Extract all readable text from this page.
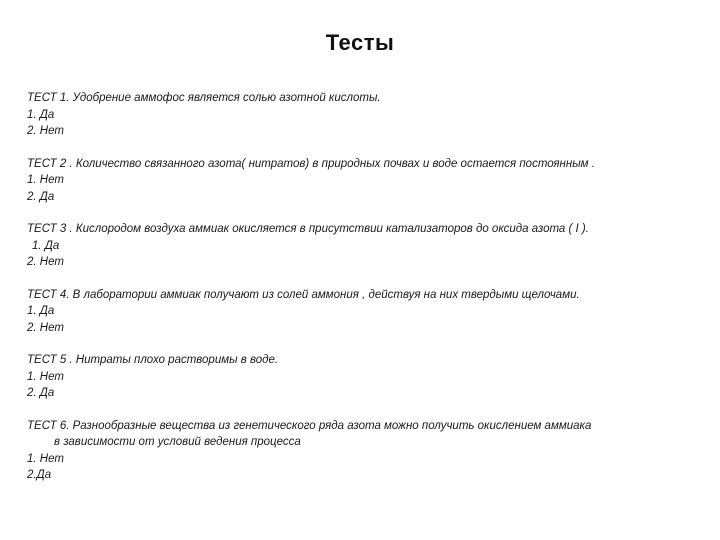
Тесты
ТЕСТ 1. Удобрение аммофос является солью азотной кислоты.
1. Да
2. Нет
ТЕСТ 2 . Количество связанного азота( нитратов) в природных почвах и воде остается постоянным .
1. Нет
2. Да
ТЕСТ 3 . Кислородом воздуха аммиак окисляется в присутствии катализаторов до оксида азота ( I ).
1. Да
2. Нет
ТЕСТ 4. В лаборатории аммиак получают из солей аммония , действуя на них твердыми щелочами.
1. Да
2. Нет
ТЕСТ 5 . Нитраты плохо растворимы в воде.
1. Нет
2. Да
ТЕСТ 6. Разнообразные вещества из генетического ряда азота можно получить окислением аммиака
в зависимости от условий ведения процесса
1. Нет
2.Да
